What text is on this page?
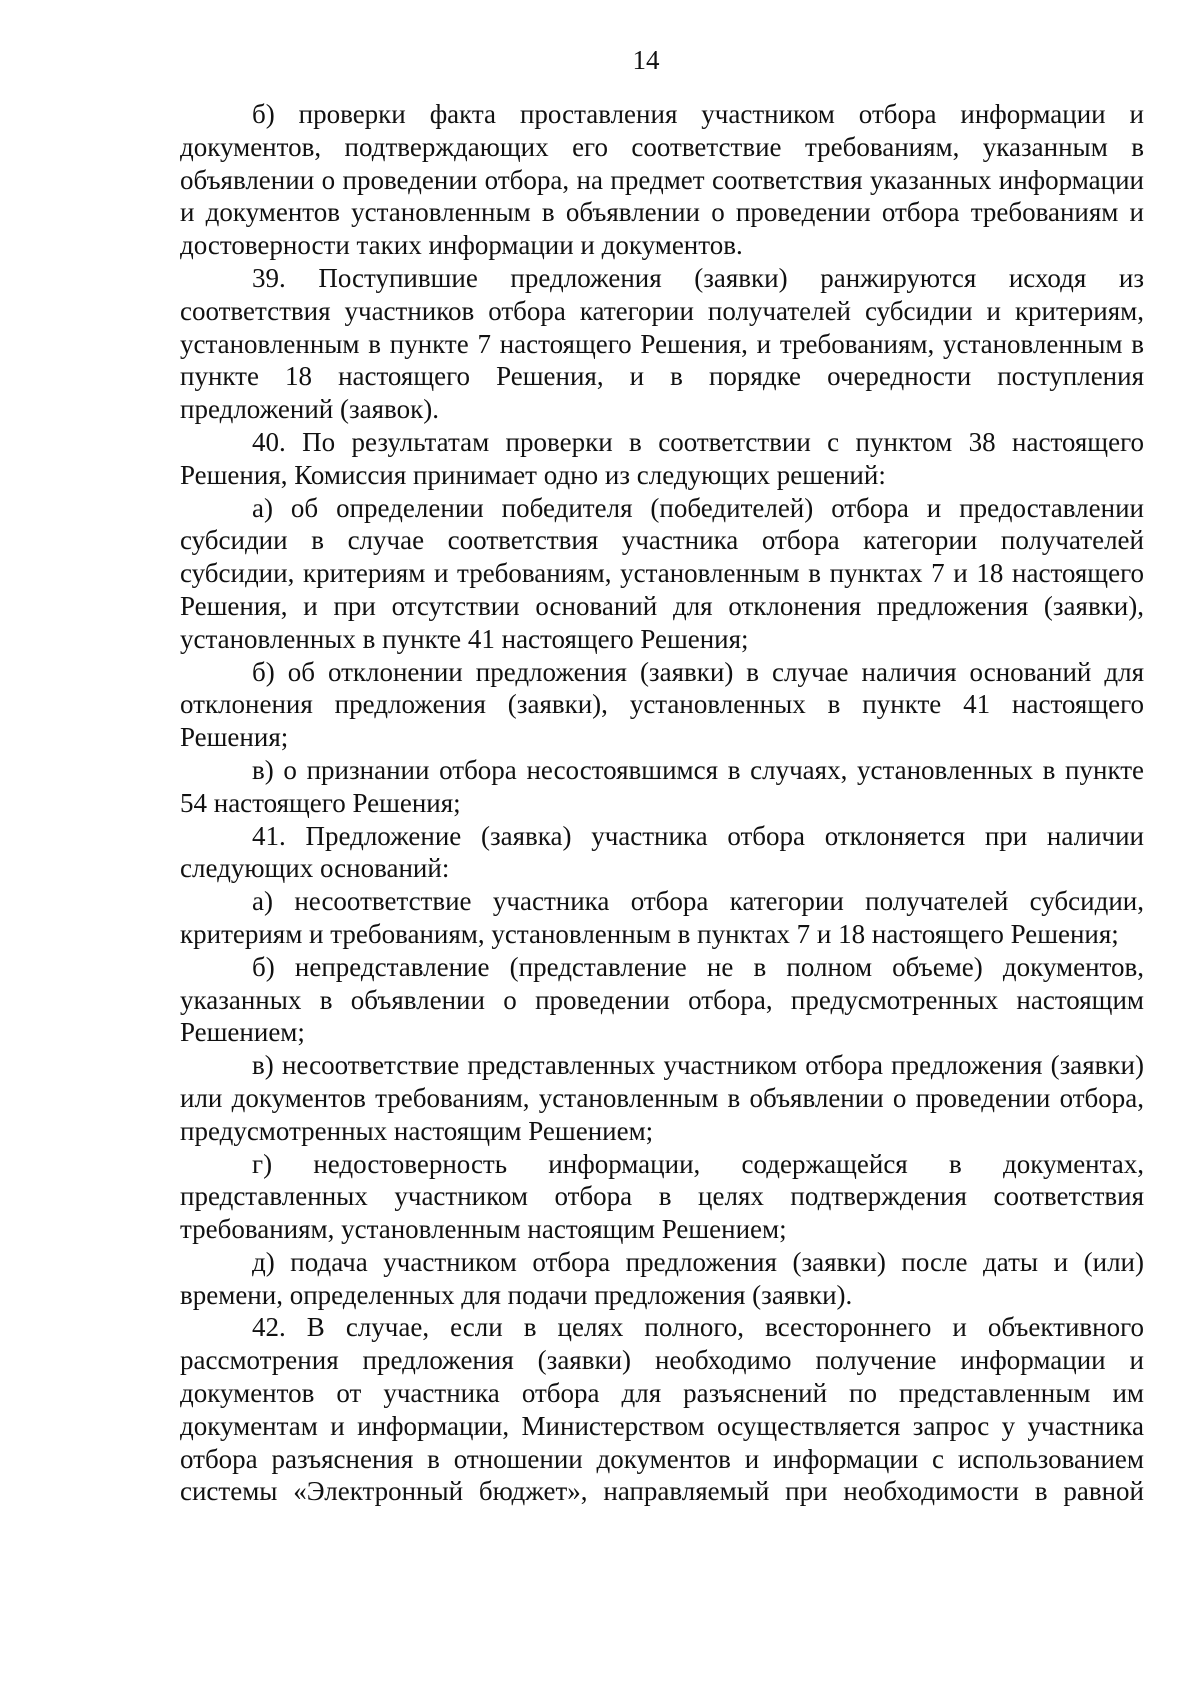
14

б) проверки факта проставления участником отбора информации и документов, подтверждающих его соответствие требованиям, указанным в объявлении о проведении отбора, на предмет соответствия указанных информации и документов установленным в объявлении о проведении отбора требованиям и достоверности таких информации и документов.

39. Поступившие предложения (заявки) ранжируются исходя из соответствия участников отбора категории получателей субсидии и критериям, установленным в пункте 7 настоящего Решения, и требованиям, установленным в пункте 18 настоящего Решения, и в порядке очередности поступления предложений (заявок).

40. По результатам проверки в соответствии с пунктом 38 настоящего Решения, Комиссия принимает одно из следующих решений:

а) об определении победителя (победителей) отбора и предоставлении субсидии в случае соответствия участника отбора категории получателей субсидии, критериям и требованиям, установленным в пунктах 7 и 18 настоящего Решения, и при отсутствии оснований для отклонения предложения (заявки), установленных в пункте 41 настоящего Решения;

б) об отклонении предложения (заявки) в случае наличия оснований для отклонения предложения (заявки), установленных в пункте 41 настоящего Решения;

в) о признании отбора несостоявшимся в случаях, установленных в пункте 54 настоящего Решения;

41. Предложение (заявка) участника отбора отклоняется при наличии следующих оснований:

а) несоответствие участника отбора категории получателей субсидии, критериям и требованиям, установленным в пунктах 7 и 18 настоящего Решения;

б) непредставление (представление не в полном объеме) документов, указанных в объявлении о проведении отбора, предусмотренных настоящим Решением;

в) несоответствие представленных участником отбора предложения (заявки) или документов требованиям, установленным в объявлении о проведении отбора, предусмотренных настоящим Решением;

г) недостоверность информации, содержащейся в документах, представленных участником отбора в целях подтверждения соответствия требованиям, установленным настоящим Решением;

д) подача участником отбора предложения (заявки) после даты и (или) времени, определенных для подачи предложения (заявки).

42. В случае, если в целях полного, всестороннего и объективного рассмотрения предложения (заявки) необходимо получение информации и документов от участника отбора для разъяснений по представленным им документам и информации, Министерством осуществляется запрос у участника отбора разъяснения в отношении документов и информации с использованием системы «Электронный бюджет», направляемый при необходимости в равной
